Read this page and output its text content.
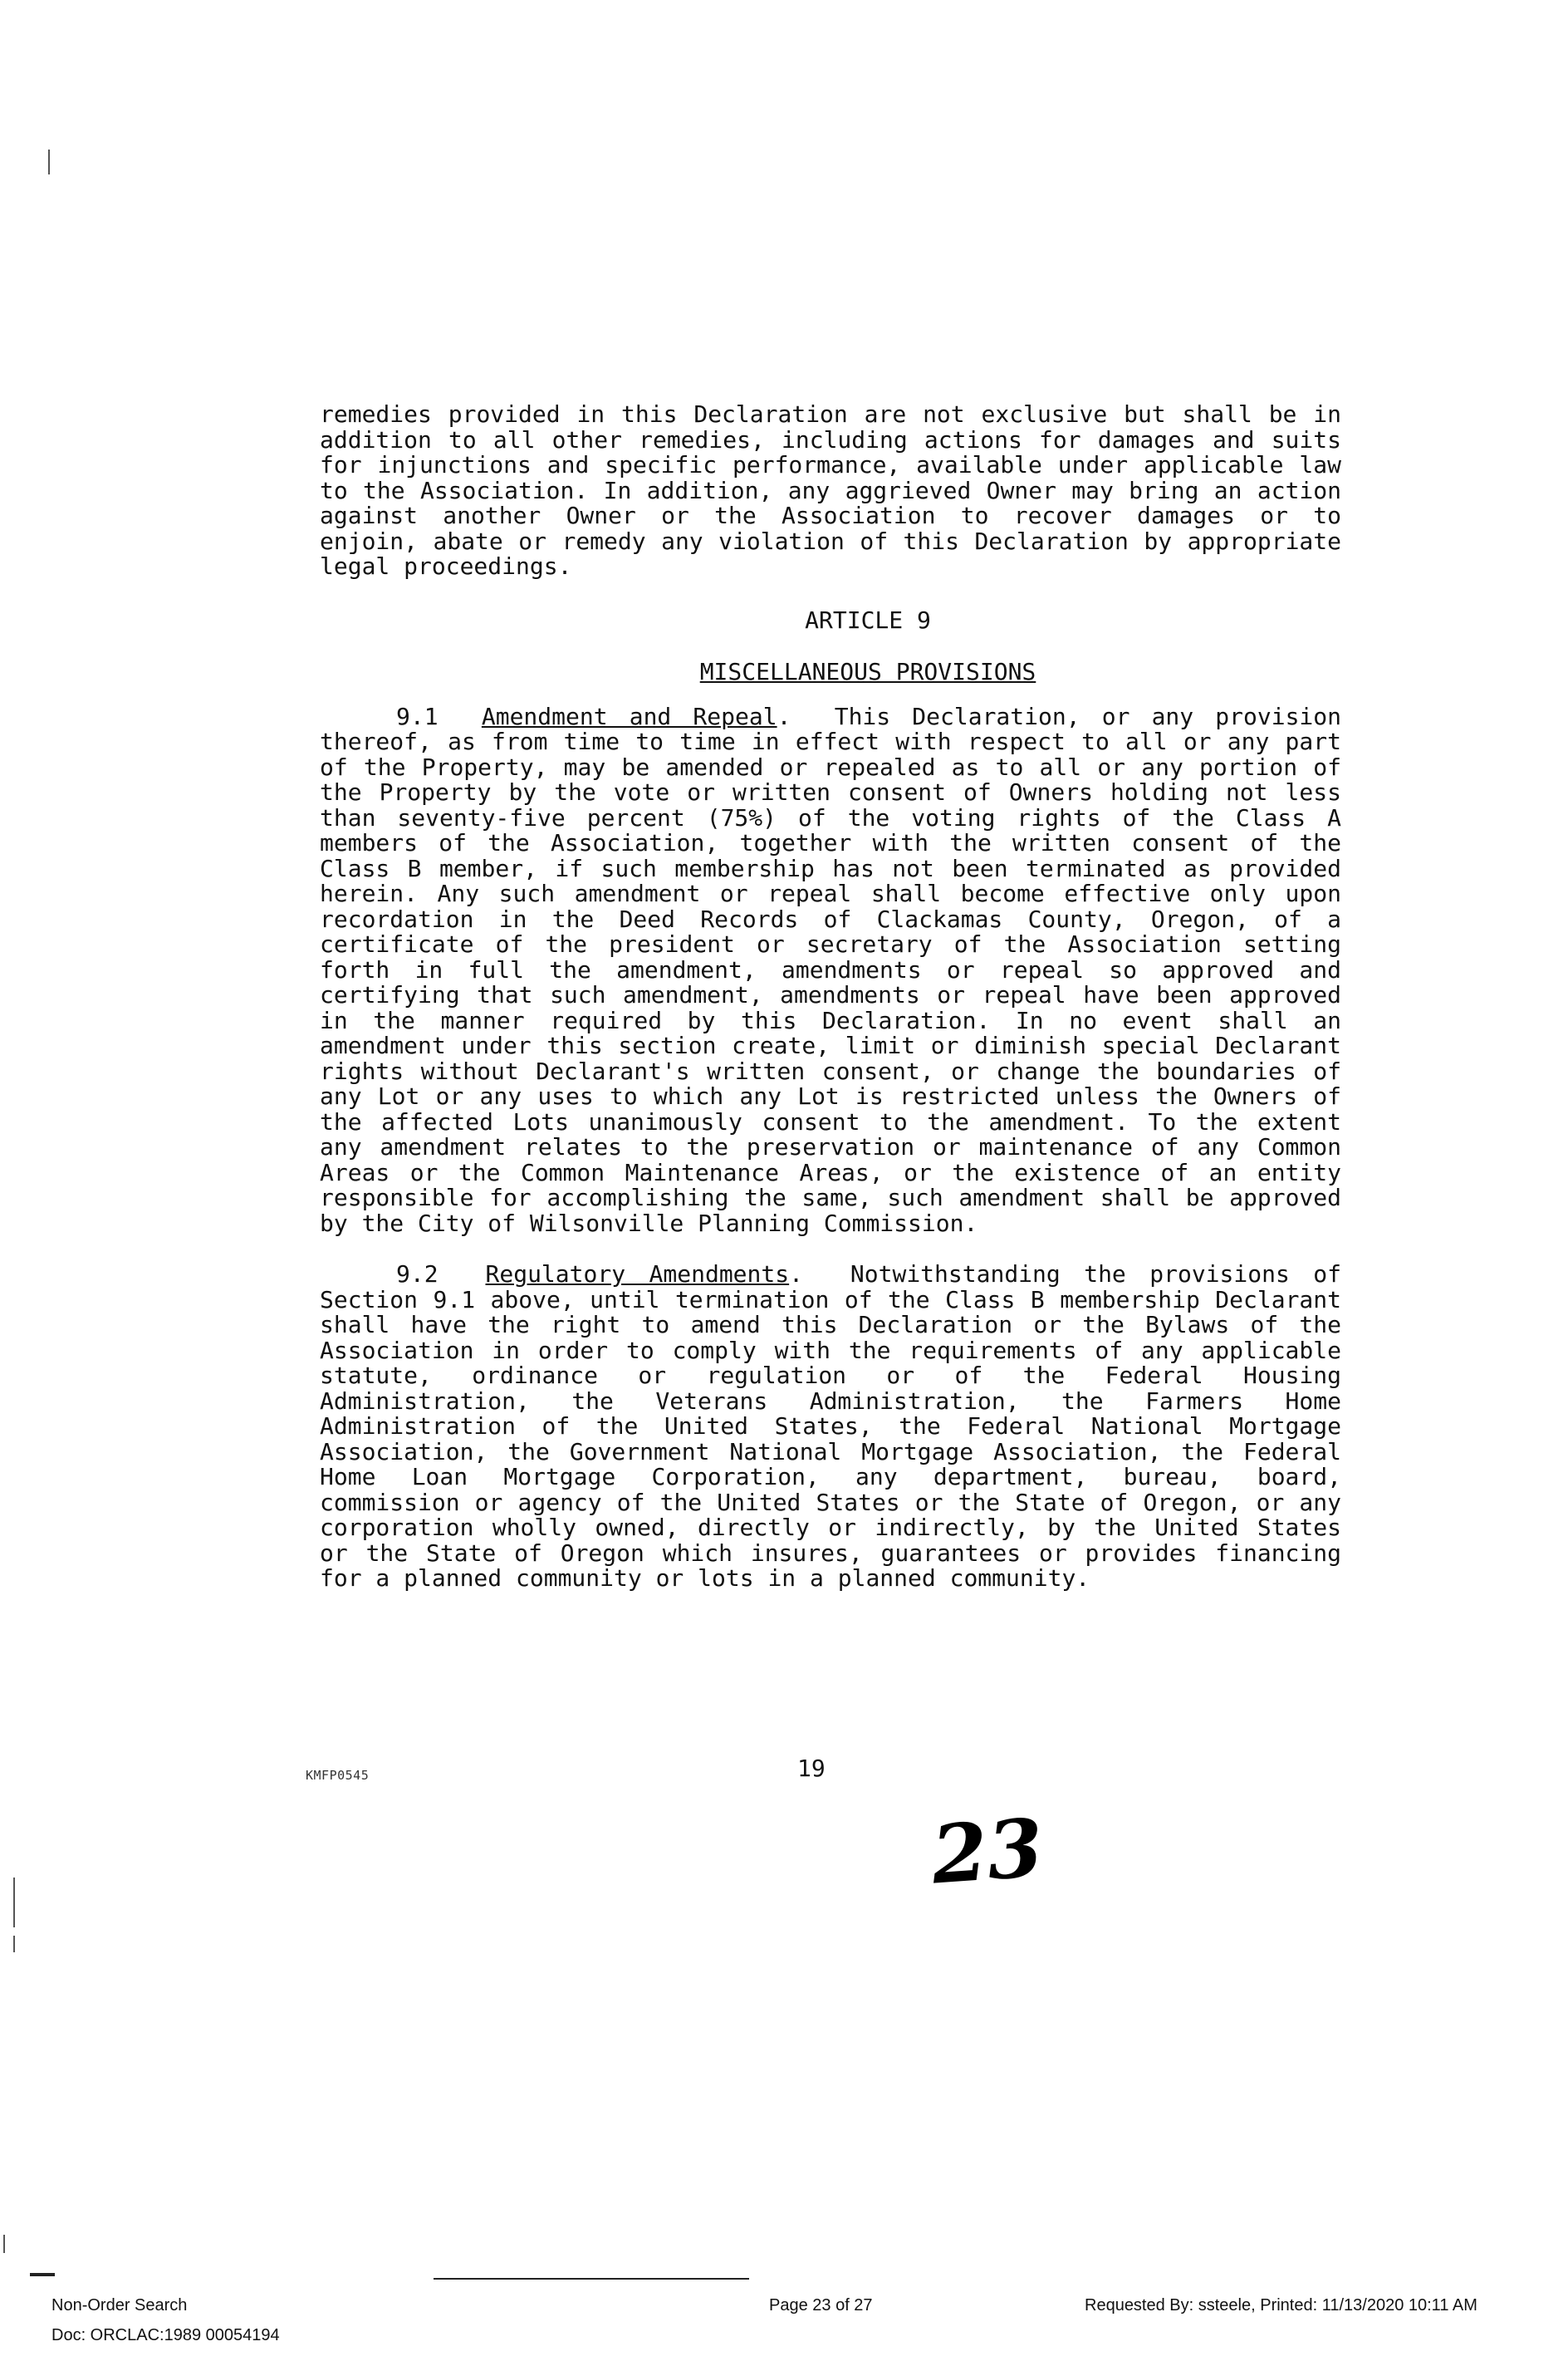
remedies provided in this Declaration are not exclusive but shall be in addition to all other remedies, including actions for damages and suits for injunctions and specific performance, available under applicable law to the Association. In addition, any aggrieved Owner may bring an action against another Owner or the Association to recover damages or to enjoin, abate or remedy any violation of this Declaration by appropriate legal proceedings.

ARTICLE 9

MISCELLANEOUS PROVISIONS

9.1 Amendment and Repeal.  This Declaration, or any provision thereof, as from time to time in effect with respect to all or any part of the Property, may be amended or repealed as to all or any portion of the Property by the vote or written consent of Owners holding not less than seventy-five percent (75%) of the voting rights of the Class A members of the Association, together with the written consent of the Class B member, if such membership has not been terminated as provided herein. Any such amendment or repeal shall become effective only upon recordation in the Deed Records of Clackamas County, Oregon, of a certificate of the president or secretary of the Association setting forth in full the amendment, amendments or repeal so approved and certifying that such amendment, amendments or repeal have been approved in the manner required by this Declaration. In no event shall an amendment under this section create, limit or diminish special Declarant rights without Declarant's written consent, or change the boundaries of any Lot or any uses to which any Lot is restricted unless the Owners of the affected Lots unanimously consent to the amendment. To the extent any amendment relates to the preservation or maintenance of any Common Areas or the Common Maintenance Areas, or the existence of an entity responsible for accomplishing the same, such amendment shall be approved by the City of Wilsonville Planning Commission.

9.2 Regulatory Amendments.  Notwithstanding the provisions of Section 9.1 above, until termination of the Class B membership Declarant shall have the right to amend this Declaration or the Bylaws of the Association in order to comply with the requirements of any applicable statute, ordinance or regulation or of the Federal Housing Administration, the Veterans Administration, the Farmers Home Administration of the United States, the Federal National Mortgage Association, the Government National Mortgage Association, the Federal Home Loan Mortgage Corporation, any department, bureau, board, commission or agency of the United States or the State of Oregon, or any corporation wholly owned, directly or indirectly, by the United States or the State of Oregon which insures, guarantees or provides financing for a planned community or lots in a planned community.

KMFP0545	19
23
Non-Order Search
Doc: ORCLAC:1989 00054194
Page 23 of 27	Requested By: ssteele, Printed: 11/13/2020 10:11 AM
